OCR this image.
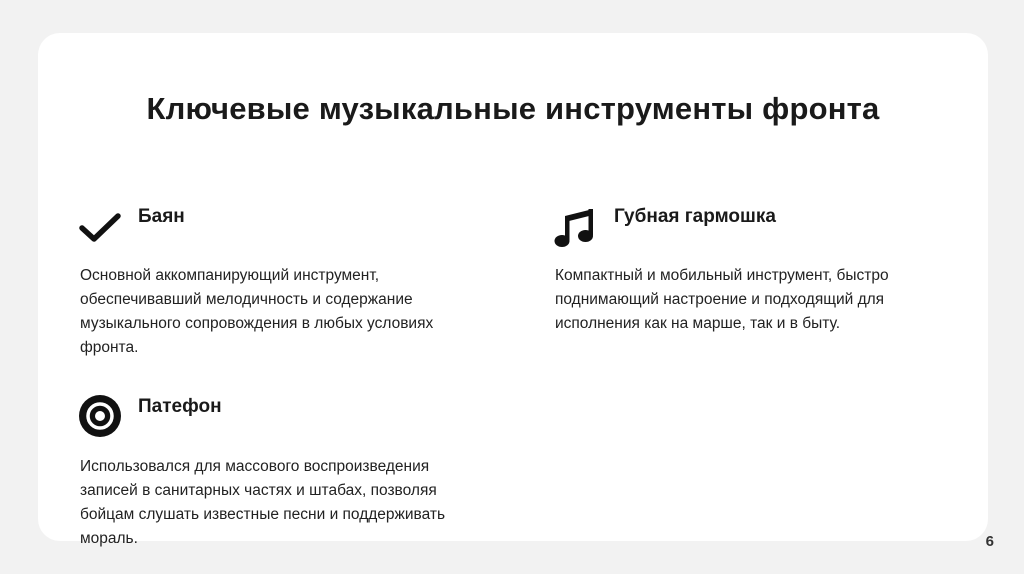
Ключевые музыкальные инструменты фронта
Баян

Основной аккомпанирующий инструмент, обеспечивавший мелодичность и содержание музыкального сопровождения в любых условиях фронта.

Губная гармошка

Компактный и мобильный инструмент, быстро поднимающий настроение и подходящий для исполнения как на марше, так и в быту.

Патефон

Использовался для массового воспроизведения записей в санитарных частях и штабах, позволяя бойцам слушать известные песни и поддерживать мораль.	6
